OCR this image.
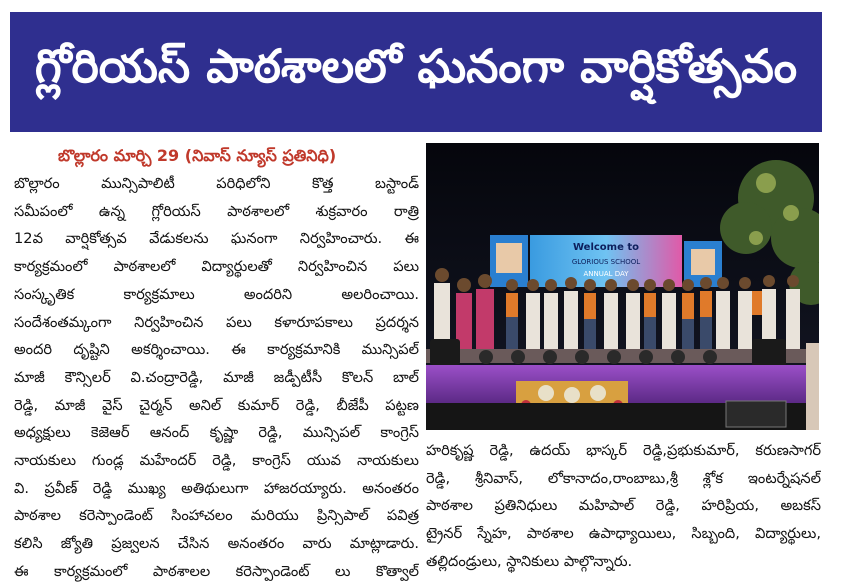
గ్లోరియస్ పాఠశాలలో ఘనంగా వార్షికోత్సవం
బొల్లారం మార్చి 29 (నివాస్ న్యూస్ ప్రతినిధి)
బొల్లారం మున్సిపాలిటీ పరిధిలోని కొత్త బస్టాండ్
సమీపంలో ఉన్న గ్లోరియస్ పాఠశాలలో శుక్రవారం రాత్రి
12వ వార్షికోత్సవ వేడుకలను ఘనంగా నిర్వహించారు. ఈ
కార్యక్రమంలో పాఠశాలలో విద్యార్థులతో నిర్వహించిన పలు
సంస్కృతిక కార్యక్రమాలు అందరిని అలరించాయి.
సందేశంతమ్కంగా నిర్వహించిన పలు కళారూపకాలు ప్రదర్శన
అందరి దృష్టిని అకర్శించాయి. ఈ కార్యక్రమానికి మున్సిపల్
మాజీ కౌన్సిలర్ వి.చంద్రారెడ్డి, మాజీ జడ్పీటీసీ కొలన్ బాల్
రెడ్డి, మాజీ వైస్ చైర్మన్ అనిల్ కుమార్ రెడ్డి, బీజేపీ పట్టణ
అధ్యక్షులు కెజెఆర్ ఆనంద్ కృష్ణా రెడ్డి, మున్సిపల్ కాంగ్రెస్
నాయకులు గుండ్ల మహేందర్ రెడ్డి, కాంగ్రెస్ యువ నాయకులు
వి. ప్రవీణ్ రెడ్డి ముఖ్య అతిథులుగా హాజరయ్యారు. అనంతరం
పాఠశాల కరెస్పాండెంట్ సింహాచలం మరియు ప్రిన్సిపాల్ పవిత్ర
కలిసి జ్యోతి ప్రజ్వలన చేసిన అనంతరం వారు మాట్లాడారు.
ఈ కార్యక్రమంలో పాఠశాలల కరెస్పాండెంట్ లు కొత్వాల్
Welcome to
GLORIOUS SCHOOL
ANNUAL DAY
హరికృష్ణ రెడ్డి, ఉదయ్ భాస్కర్ రెడ్డి,ప్రభుకుమార్, కరుణసాగర్
రెడ్డి, శ్రీనివాస్, లోకానాదం,రాంబాబు,శ్రీ శ్లోక ఇంటర్నేషనల్
పాఠశాల ప్రతినిధులు మహిపాల్ రెడ్డి, హరిప్రియ, అబకస్
ట్రైనర్ స్నేహ, పాఠశాల ఉపాధ్యాయిలు, సిబ్బంది, విద్యార్థులు,
తల్లిదండ్రులు, స్థానికులు పాల్గొన్నారు.
